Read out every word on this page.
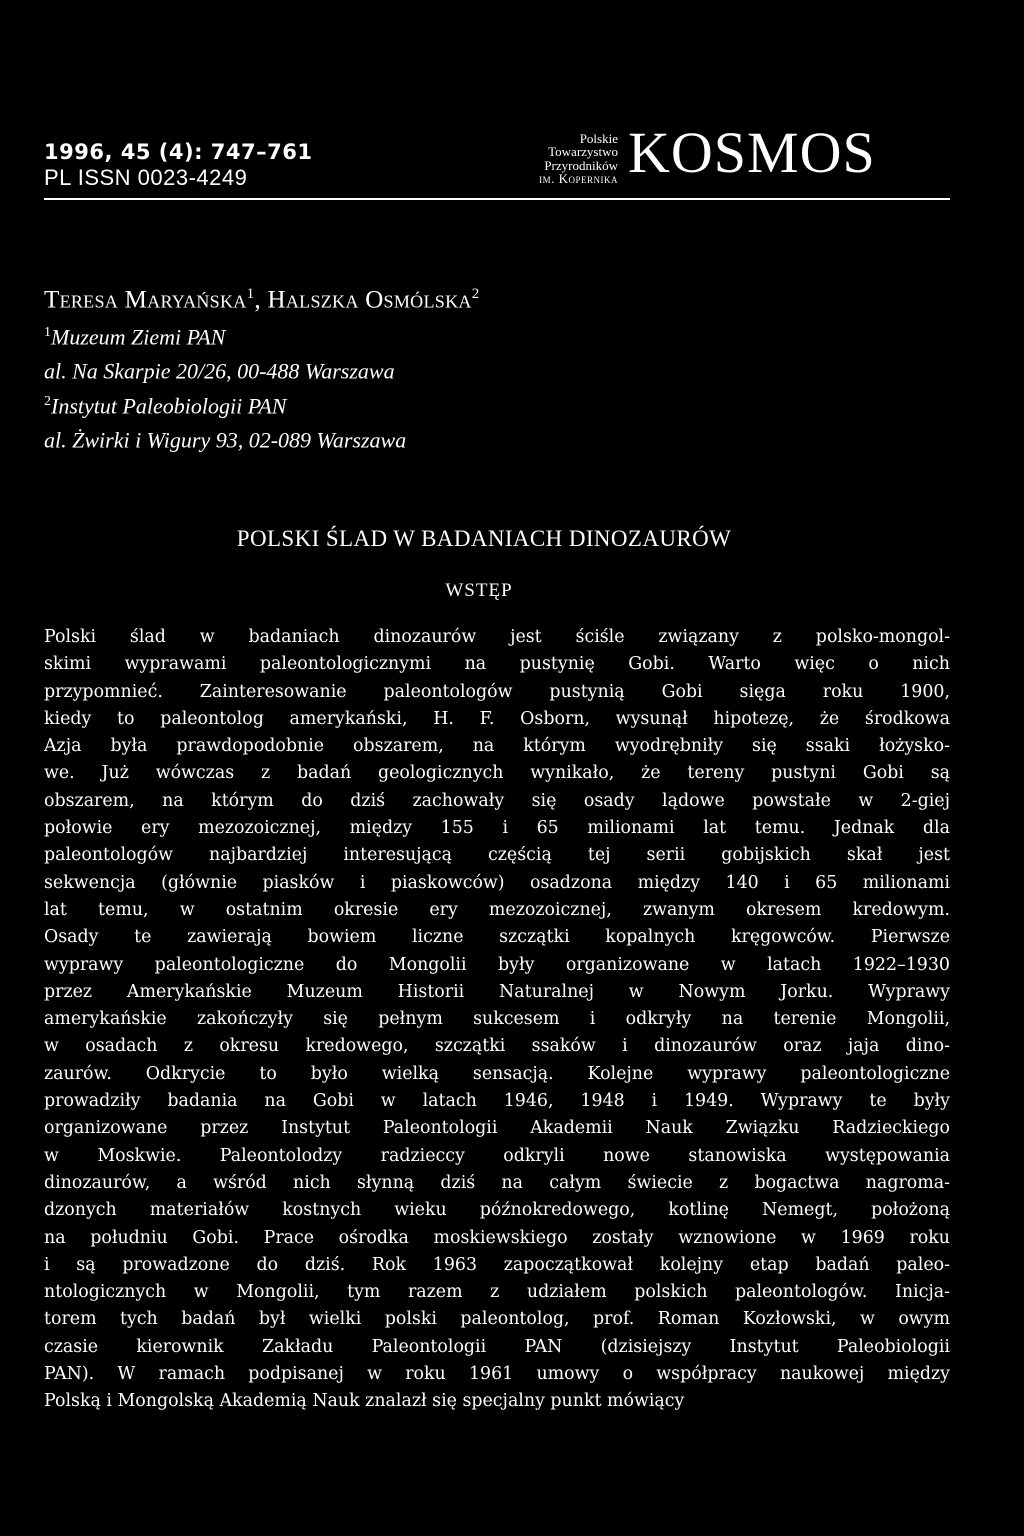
1996, 45 (4): 747–761
PL ISSN 0023-4249
Polskie
Towarzystwo
Przyrodników
im. Kopernika KOSMOS
Teresa Maryańska$^1$, Halszka Osmólska$^2$
$^1$Muzeum Ziemi PAN
al. Na Skarpie 20/26, 00-488 Warszawa
$^2$Instytut Paleobiologii PAN
al. Żwirki i Wigury 93, 02-089 Warszawa
POLSKI ŚLAD W BADANIACH DINOZAURÓW
WSTĘP
Polski ślad w badaniach dinozaurów jest ściśle związany z polsko-mongol-
skimi wyprawami paleontologicznymi na pustynię Gobi. Warto więc o nich
przypomnieć. Zainteresowanie paleontologów pustynią Gobi sięga roku 1900,
kiedy to paleontolog amerykański, H. F. Osborn, wysunął hipotezę, że środkowa
Azja była prawdopodobnie obszarem, na którym wyodrębniły się ssaki łożysko-
we. Już wówczas z badań geologicznych wynikało, że tereny pustyni Gobi są
obszarem, na którym do dziś zachowały się osady lądowe powstałe w 2-giej
połowie ery mezozoicznej, między 155 i 65 milionami lat temu. Jednak dla
paleontologów najbardziej interesującą częścią tej serii gobijskich skał jest
sekwencja (głównie piasków i piaskowców) osadzona między 140 i 65 milionami
lat temu, w ostatnim okresie ery mezozoicznej, zwanym okresem kredowym.
Osady te zawierają bowiem liczne szczątki kopalnych kręgowców. Pierwsze
wyprawy paleontologiczne do Mongolii były organizowane w latach 1922–1930
przez Amerykańskie Muzeum Historii Naturalnej w Nowym Jorku. Wyprawy
amerykańskie zakończyły się pełnym sukcesem i odkryły na terenie Mongolii,
w osadach z okresu kredowego, szczątki ssaków i dinozaurów oraz jaja dino-
zaurów. Odkrycie to było wielką sensacją. Kolejne wyprawy paleontologiczne
prowadziły badania na Gobi w latach 1946, 1948 i 1949. Wyprawy te były
organizowane przez Instytut Paleontologii Akademii Nauk Związku Radzieckiego
w Moskwie. Paleontolodzy radzieccy odkryli nowe stanowiska występowania
dinozaurów, a wśród nich słynną dziś na całym świecie z bogactwa nagroma-
dzonych materiałów kostnych wieku późnokredowego, kotlinę Nemegt, położoną
na południu Gobi. Prace ośrodka moskiewskiego zostały wznowione w 1969 roku
i są prowadzone do dziś. Rok 1963 zapoczątkował kolejny etap badań paleo-
ntologicznych w Mongolii, tym razem z udziałem polskich paleontologów. Inicja-
torem tych badań był wielki polski paleontolog, prof. Roman Kozłowski, w owym
czasie kierownik Zakładu Paleontologii PAN (dzisiejszy Instytut Paleobiologii
PAN). W ramach podpisanej w roku 1961 umowy o współpracy naukowej między
Polską i Mongolską Akademią Nauk znalazł się specjalny punkt mówiący
